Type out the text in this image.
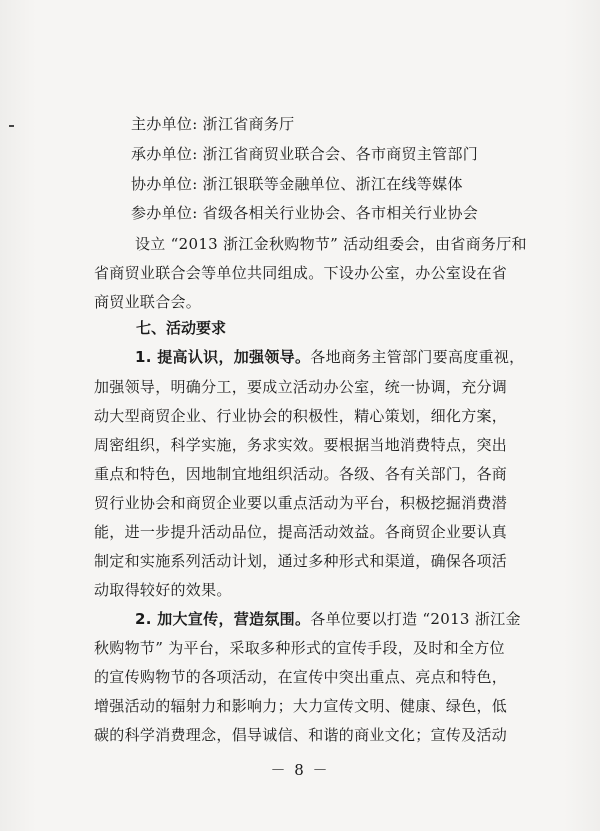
主办单位: 浙江省商务厅
承办单位: 浙江省商贸业联合会、各市商贸主管部门
协办单位: 浙江银联等金融单位、浙江在线等媒体
参办单位: 省级各相关行业协会、各市相关行业协会
设立 “2013 浙江金秋购物节” 活动组委会，由省商务厅和
省商贸业联合会等单位共同组成。下设办公室，办公室设在省
商贸业联合会。
七、活动要求
1. 提高认识，加强领导。各地商务主管部门要高度重视，
加强领导，明确分工，要成立活动办公室，统一协调，充分调
动大型商贸企业、行业协会的积极性，精心策划，细化方案，
周密组织，科学实施，务求实效。要根据当地消费特点，突出
重点和特色，因地制宜地组织活动。各级、各有关部门，各商
贸行业协会和商贸企业要以重点活动为平台，积极挖掘消费潜
能，进一步提升活动品位，提高活动效益。各商贸企业要认真
制定和实施系列活动计划，通过多种形式和渠道，确保各项活
动取得较好的效果。
2. 加大宣传，营造氛围。各单位要以打造 “2013 浙江金
秋购物节” 为平台，采取多种形式的宣传手段，及时和全方位
的宣传购物节的各项活动，在宣传中突出重点、亮点和特色，
增强活动的辐射力和影响力；大力宣传文明、健康、绿色，低
碳的科学消费理念，倡导诚信、和谐的商业文化；宣传及活动
－ 8 －
